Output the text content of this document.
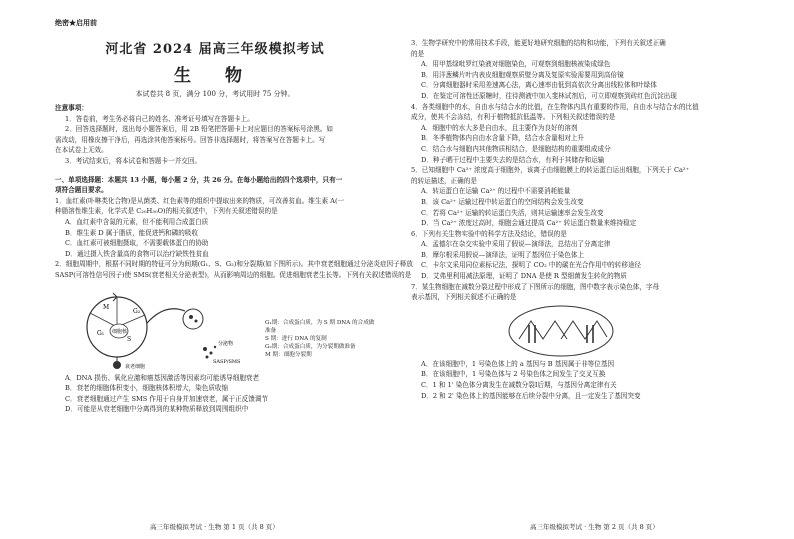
绝密★启用前

河北省 2024 届高三年级模拟考试

生 物

本试卷共 8 页，满分 100 分，考试用时 75 分钟。

注意事项：

1．答卷前，考生务必将自己的姓名、准考证号填写在答题卡上。

2．回答选择题时，选出每小题答案后，用 2B 铅笔把答题卡上对应题目的答案标号涂黑。如

需改动，用橡皮擦干净后，再选涂其他答案标号。回答非选择题时，将答案写在答题卡上。写

在本试卷上无效。

3．考试结束后，将本试卷和答题卡一并交回。

一、单项选择题：本题共 13 小题，每小题 2 分，共 26 分。在每小题给出的四个选项中，只有一

项符合题目要求。

1．血红素(卟啉类化合物)是从菌类、红色素等的组织中提取出来的物质，可改善贫血。维生素 A(一

种脂溶性维生素，化学式是 C₂₀H₃₀O)的相关叙述中，下列有关叙述错误的是

A．血红素中含氮的元素，但不能利用合成蛋白质

B．维生素 D 属于脂质，能促进钙和磷的吸收

C．血红素可被细胞摄取，不需要载体蛋白的协助

D．通过摄入铁含量高的食物可以治疗缺铁性贫血

2．细胞周期中，根据不同时期的特征可分为间期(G₁、S、G₂)和分裂期(如下图所示)。其中衰老细胞通过分泌炎症因子释放

SASP(可溶性信号因子)使 SMS(衰老相关分泌表型)，从而影响周边的细胞。促进细胞衰老生长等。下列有关叙述错误的是

G₁
S
G₂
M
细胞核
衰老细胞
分泌物
SASP/SMS
G₁期：合成蛋白质，为 S 期 DNA 的合成做准备
S 期：进行 DNA 的复制
G₂期：合成蛋白质，为分裂期做准备
M 期：细胞分裂期

A．DNA 损伤、氧化应激和癌基因激活等因素均可能诱导细胞衰老

B．衰老的细胞体积变小，细胞核体积增大，染色质收缩

C．衰老细胞通过产生 SMS 作用于自身并加速衰老，属于正反馈调节

D．可能是从衰老细胞中分离得到的某种物质释放到周围组织中

3．生物学研究中的常用技术手段，能更好地研究细胞的结构和功能，下列有关叙述正确

的是

A．用甲基绿吡罗红染液对细胞染色，可观察到细胞核被染成绿色

B．用洋葱鳞片叶内表皮细胞观察质壁分离及复原实验需要用到高倍镜

C．分离细胞器时采用差速离心法，离心速率由低到高依次分离出线粒体和叶绿体

D．在鉴定可溶性还原糖时，往待测液中加入斐林试剂后，可立即观察到砖红色沉淀出现

4．各类细胞中的水，自由水与结合水的比值，在生物体内具有重要的作用，自由水与结合水的比值

成分，使其不会冻结，有利于植物抵抗低温等。下列相关叙述错误的是

A．细胞中的水大多是自由水，且主要作为良好的溶剂

B．冬季植物体内自由水含量下降，结合水含量相对上升

C．结合水与细胞内其他物质相结合，是细胞结构的重要组成成分

D．种子晒干过程中主要失去的是结合水，有利于其储存和运输

5．已知细胞中 Ca²⁺ 浓度高于细胞外，该离子由细胞膜上的转运蛋白运出细胞，下列关于 Ca²⁺

的转运描述，正确的是

A．转运蛋白在运输 Ca²⁺ 的过程中不需要消耗能量

B．该 Ca²⁺ 运输过程中转运蛋白的空间结构会发生改变

C．若将 Ca²⁺ 运输的转运蛋白失活，则其运输速率会发生改变

D．当 Ca²⁺ 浓度过高时，细胞会通过提高 Ca²⁺ 转运蛋白数量来维持稳定

6．下列有关生物实验中的科学方法及结论，错误的是

A．孟德尔在杂交实验中采用了假说—演绎法，总结出了分离定律

B．摩尔根采用假说—演绎法，证明了基因位于染色体上

C．卡尔文采用同位素标记法，探明了 CO₂ 中的碳在光合作用中的转移途径

D．艾弗里利用减法原理，证明了 DNA 是使 R 型细菌发生转化的物质

7．某生物细胞在减数分裂过程中形成了下图所示的细胞，图中数字表示染色体，字母

表示基因，下列相关叙述不正确的是

A．在该细胞中，1 号染色体上的 a 基因与 B 基因属于非等位基因

B．在该细胞中，1 号染色体与 2 号染色体之间发生了交叉互换

C．1 和 1' 染色体分离发生在减数分裂Ⅰ后期，与基因分离定律有关

D．2 和 2' 染色体上的基因能够在后续分裂中分离，且一定发生了基因突变

高三年级模拟考试 · 生物 第 1 页（共 8 页）	高三年级模拟考试 · 生物 第 2 页（共 8 页）
